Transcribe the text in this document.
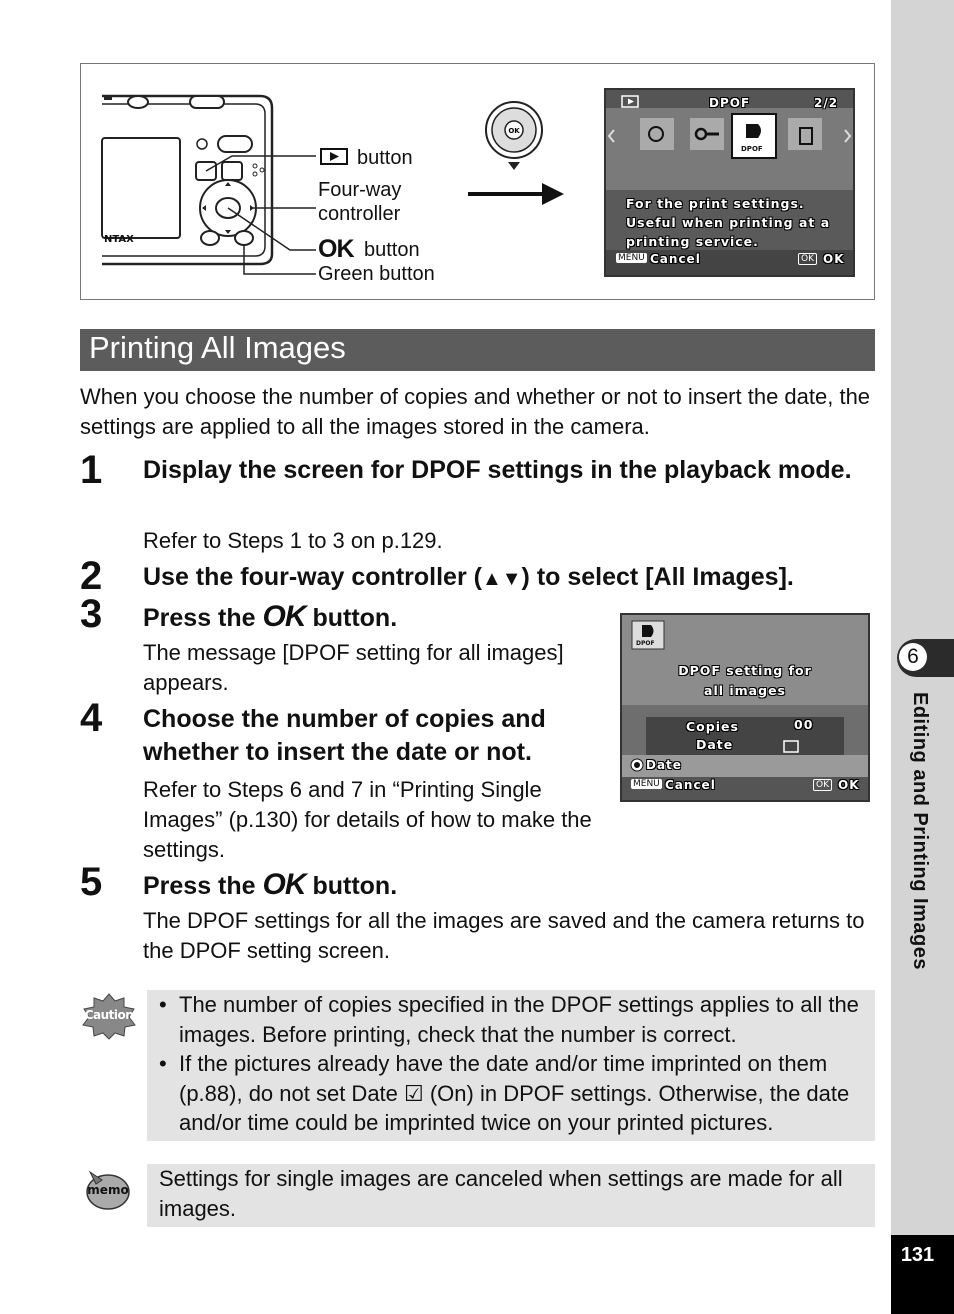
6
Editing and Printing Images
131
NTAX
button
Four-way
controller
OK button
Green button
OK
DPOF	2/2
DPOF
For the print settings.
Useful when printing at a
printing service.
MENU Cancel	OK OK
Printing All Images
When you choose the number of copies and whether or not to insert the date, the settings are applied to all the images stored in the camera.
1 Display the screen for DPOF settings in the playback mode.
Refer to Steps 1 to 3 on p.129.
2 Use the four-way controller (▲▼) to select [All Images].
3 Press the OK button.
The message [DPOF setting for all images] appears.
4 Choose the number of copies and whether to insert the date or not.
Refer to Steps 6 and 7 in “Printing Single Images” (p.130) for details of how to make the settings.
5 Press the OK button.
The DPOF settings for all the images are saved and the camera returns to the DPOF setting screen.
DPOF
DPOF setting for
all images
Copies	00
Date
Date
MENU Cancel	OK OK
Caution • The number of copies specified in the DPOF settings applies to all the images. Before printing, check that the number is correct.
• If the pictures already have the date and/or time imprinted on them (p.88), do not set Date ☑ (On) in DPOF settings. Otherwise, the date and/or time could be imprinted twice on your printed pictures.
memo Settings for single images are canceled when settings are made for all images.
